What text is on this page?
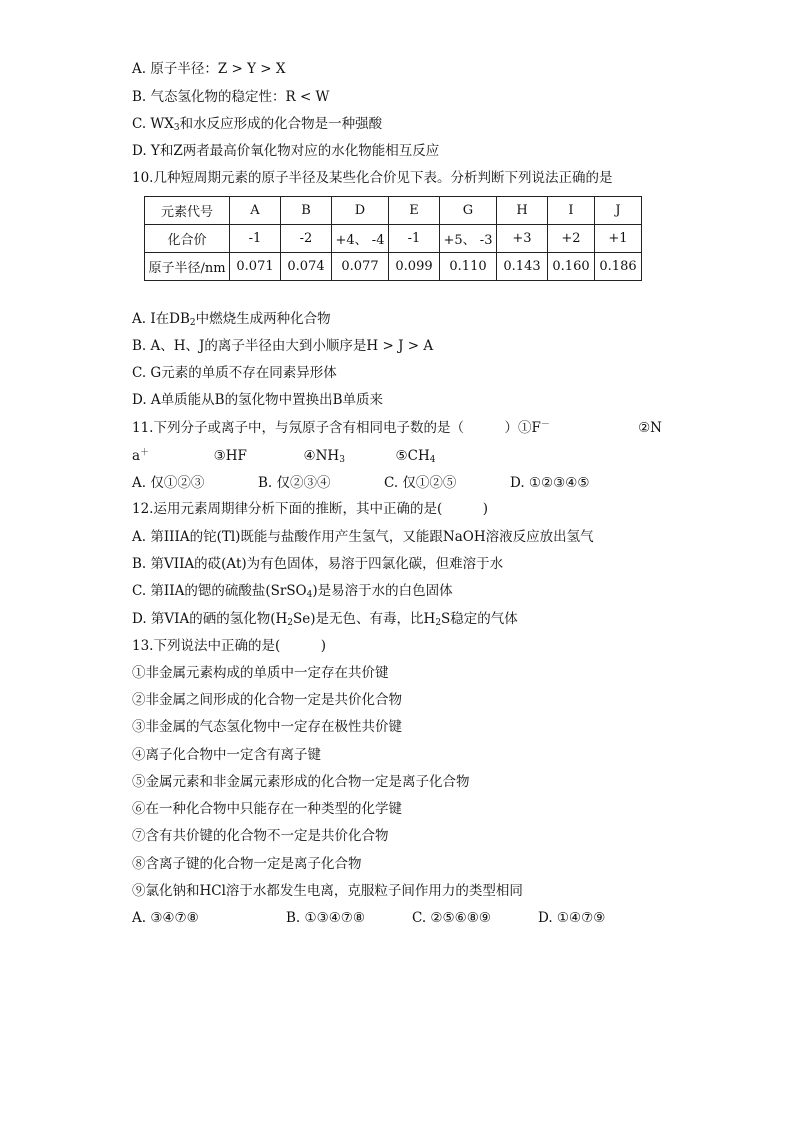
A. 原子半径：Z > Y > X
B. 气态氢化物的稳定性：R < W
C. $WX_3$和水反应形成的化合物是一种强酸
D. Y和Z两者最高价氧化物对应的水化物能相互反应
10.几种短周期元素的原子半径及某些化合价见下表。分析判断下列说法正确的是
元素代号	A	B	D	E	G	H	I	J
化合价	-1	-2	+4、 -4	-1	+5、 -3	+3	+2	+1
原子半径/nm	0.071	0.074	0.077	0.099	0.110	0.143	0.160	0.186
A. I在$DB_2$中燃烧生成两种化合物
B. A、H、J的离子半径由大到小顺序是H > J > A
C. G元素的单质不存在同素异形体
D. A单质能从B的氢化物中置换出B单质来
11.下列分子或离子中，与氖原子含有相同电子数的是（　　　）①F－	②N
a＋	③HF	$④NH_3$	$⑤CH_4$
A. 仅①②③	B. 仅②③④	C. 仅①②⑤	D. ①②③④⑤
12.运用元素周期律分析下面的推断，其中正确的是(　　　)
A. 第IIIA的铊(Tl)既能与盐酸作用产生氢气，又能跟NaOH溶液反应放出氢气
B. 第VIIA的砹(At)为有色固体，易溶于四氯化碳，但难溶于水
C. 第IIA的锶的硫酸盐(SrSO$_4$)是易溶于水的白色固体
D. 第VIA的硒的氢化物$(H_2Se)$是无色、有毒，比$H_2S$稳定的气体
13.下列说法中正确的是(　　　)
①非金属元素构成的单质中一定存在共价键
②非金属之间形成的化合物一定是共价化合物
③非金属的气态氢化物中一定存在极性共价键
④离子化合物中一定含有离子键
⑤金属元素和非金属元素形成的化合物一定是离子化合物
⑥在一种化合物中只能存在一种类型的化学键
⑦含有共价键的化合物不一定是共价化合物
⑧含离子键的化合物一定是离子化合物
⑨氯化钠和HCl溶于水都发生电离，克服粒子间作用力的类型相同
A. ③④⑦⑧	B. ①③④⑦⑧	C. ②⑤⑥⑧⑨	D. ①④⑦⑨
